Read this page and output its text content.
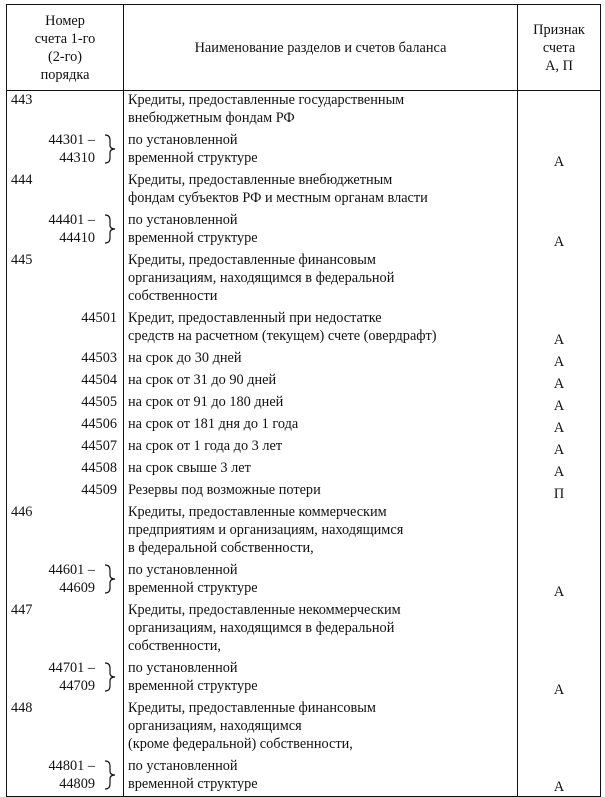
Номер
счета 1-го
(2-го)
порядка	Наименование разделов и счетов баланса	Признак
счета
А, П

443	Кредиты, предоставленные государственным
внебюджетным фондам РФ	

44301 –
44310	по установленной
временной структуре	А

444	Кредиты, предоставленные внебюджетным
фондам субъектов РФ и местным органам власти	

44401 –
44410	по установленной
временной структуре	А

445	Кредиты, предоставленные финансовым
организациям, находящимся в федеральной
собственности	

44501	Кредит, предоставленный при недостатке
средств на расчетном (текущем) счете (овердрафт)	А

44503	на срок до 30 дней	А

44504	на срок от 31 до 90 дней	А

44505	на срок от 91 до 180 дней	А

44506	на срок от 181 дня до 1 года	А

44507	на срок от 1 года до 3 лет	А

44508	на срок свыше 3 лет	А

44509	Резервы под возможные потери	П

446	Кредиты, предоставленные коммерческим
предприятиям и организациям, находящимся
в федеральной собственности,	

44601 –
44609	по установленной
временной структуре	А

447	Кредиты, предоставленные некоммерческим
организациям, находящимся в федеральной
собственности,	

44701 –
44709	по установленной
временной структуре	А

448	Кредиты, предоставленные финансовым
организациям, находящимся
(кроме федеральной) собственности,	

44801 –
44809	по установленной
временной структуре	А
